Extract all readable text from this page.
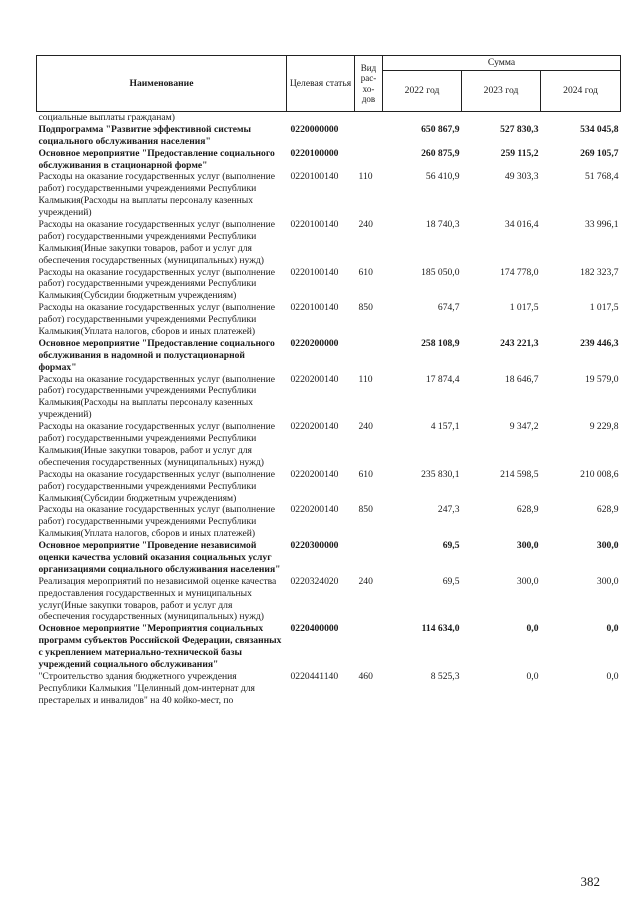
Наименование	Целевая статья	Вид
рас-
хо-
дов	Сумма		
			2022 год	2023 год	2024 год
социальные выплаты гражданам)					
Подпрограмма "Развитие эффективной системы социального обслуживания населения"	0220000000		650 867,9	527 830,3	534 045,8
Основное мероприятие "Предоставление социального обслуживания в стационарной форме"	0220100000		260 875,9	259 115,2	269 105,7
Расходы на оказание государственных услуг (выполнение работ) государственными учреждениями Республики Калмыкия(Расходы на выплаты персоналу казенных учреждений)	0220100140	110	56 410,9	49 303,3	51 768,4
Расходы на оказание государственных услуг (выполнение работ) государственными учреждениями Республики Калмыкия(Иные закупки товаров, работ и услуг для обеспечения государственных (муниципальных) нужд)	0220100140	240	18 740,3	34 016,4	33 996,1
Расходы на оказание государственных услуг (выполнение работ) государственными учреждениями Республики Калмыкия(Субсидии бюджетным учреждениям)	0220100140	610	185 050,0	174 778,0	182 323,7
Расходы на оказание государственных услуг (выполнение работ) государственными учреждениями Республики Калмыкия(Уплата налогов, сборов и иных платежей)	0220100140	850	674,7	1 017,5	1 017,5
Основное мероприятие "Предоставление социального обслуживания в надомной и полустационарной формах"	0220200000		258 108,9	243 221,3	239 446,3
Расходы на оказание государственных услуг (выполнение работ) государственными учреждениями Республики Калмыкия(Расходы на выплаты персоналу казенных учреждений)	0220200140	110	17 874,4	18 646,7	19 579,0
Расходы на оказание государственных услуг (выполнение работ) государственными учреждениями Республики Калмыкия(Иные закупки товаров, работ и услуг для обеспечения государственных (муниципальных) нужд)	0220200140	240	4 157,1	9 347,2	9 229,8
Расходы на оказание государственных услуг (выполнение работ) государственными учреждениями Республики Калмыкия(Субсидии бюджетным учреждениям)	0220200140	610	235 830,1	214 598,5	210 008,6
Расходы на оказание государственных услуг (выполнение работ) государственными учреждениями Республики Калмыкия(Уплата налогов, сборов и иных платежей)	0220200140	850	247,3	628,9	628,9
Основное мероприятие "Проведение независимой оценки качества условий оказания социальных услуг организациями социального обслуживания населения"	0220300000		69,5	300,0	300,0
Реализация мероприятий по независимой оценке качества предоставления государственных и муниципальных услуг(Иные закупки товаров, работ и услуг для обеспечения государственных (муниципальных) нужд)	0220324020	240	69,5	300,0	300,0
Основное мероприятие "Мероприятия социальных программ субъектов Российской Федерации, связанных с укреплением материально-технической базы учреждений социального обслуживания"	0220400000		114 634,0	0,0	0,0
"Строительство здания бюджетного учреждения Республики Калмыкия "Целинный дом-интернат для престарелых и инвалидов" на 40 койко-мест, по	0220441140	460	8 525,3	0,0	0,0
382
